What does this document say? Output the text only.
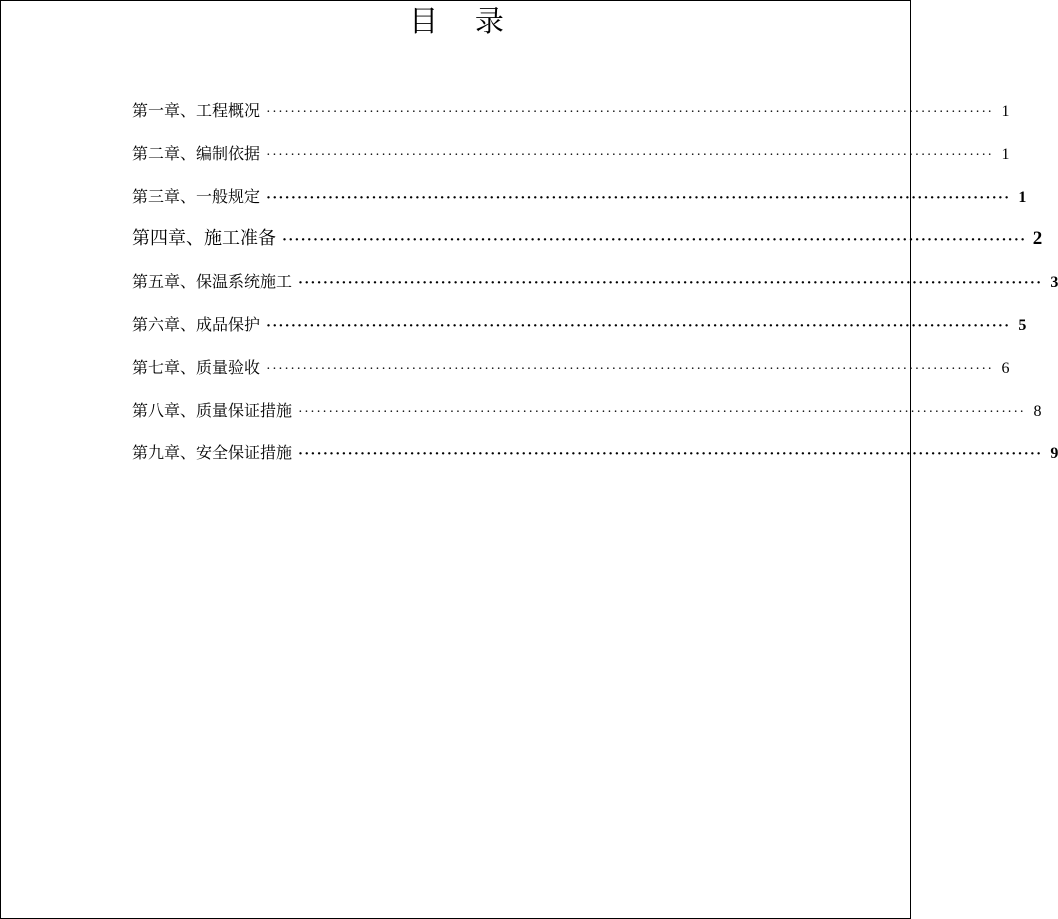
目    录
第一章、工程概况 ························································································································ 1
第二章、编制依据 ························································································································ 1
第三章、一般规定 ························································································································ 1
第四章、施工准备 ························································································································ 2
第五章、保温系统施工 ························································································································ 3
第六章、成品保护 ························································································································ 5
第七章、质量验收 ························································································································ 6
第八章、质量保证措施 ························································································································ 8
第九章、安全保证措施 ························································································································ 9
